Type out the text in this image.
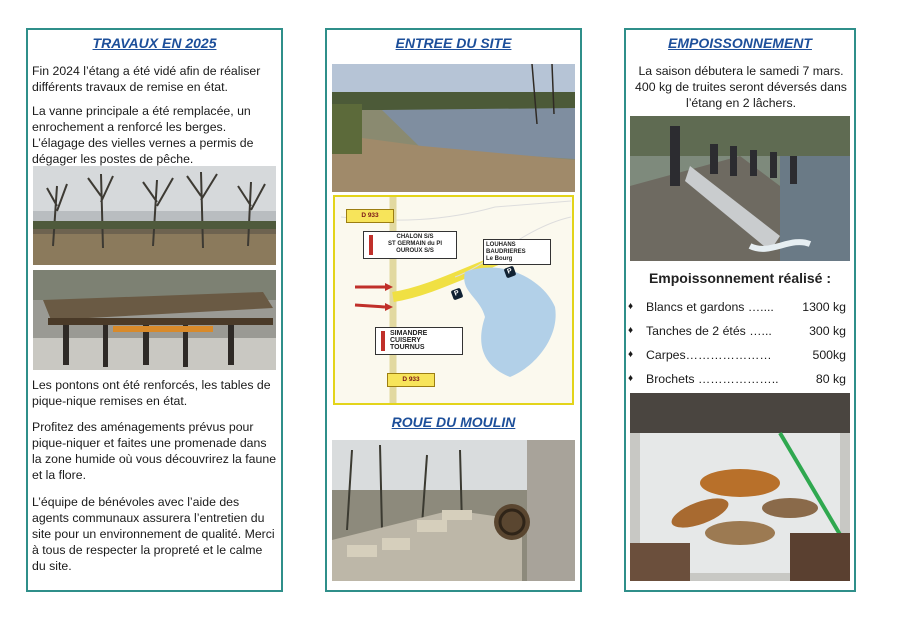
TRAVAUX EN 2025

Fin 2024 l’étang a été vidé afin de réaliser différents travaux de remise en état.

La vanne principale a été remplacée, un enrochement a renforcé les berges. L’élagage des vielles vernes a permis de dégager les postes de pêche.

Les pontons ont été renforcés, les tables de pique-nique remises en état.

Profitez des aménagements prévus pour pique-niquer et faites une promenade dans la zone humide où vous découvrirez la faune et la flore.

L’équipe de bénévoles avec l’aide des agents communaux assurera l’entretien du site pour un environnement de qualité. Merci à tous de respecter la propreté et le calme du site.

ENTREE DU SITE
D 933
D 933
CHALON S/S
ST GERMAIN du Pl
OUROUX S/S
LOUHANS
BAUDRIERES
Le Bourg
SIMANDRE
CUISERY
TOURNUS
P
P
ROUE DU MOULIN
EMPOISSONNEMENT

La saison débutera le samedi 7 mars. 400 kg de truites seront déversés dans l’étang en 2 lâchers.

Empoissonnement réalisé :
♦ Blancs et gardons ….... 1300 kg
♦ Tanches de 2 étés …...	300 kg
♦ Carpes…………………	500kg
♦ Brochets ………………..	80 kg
